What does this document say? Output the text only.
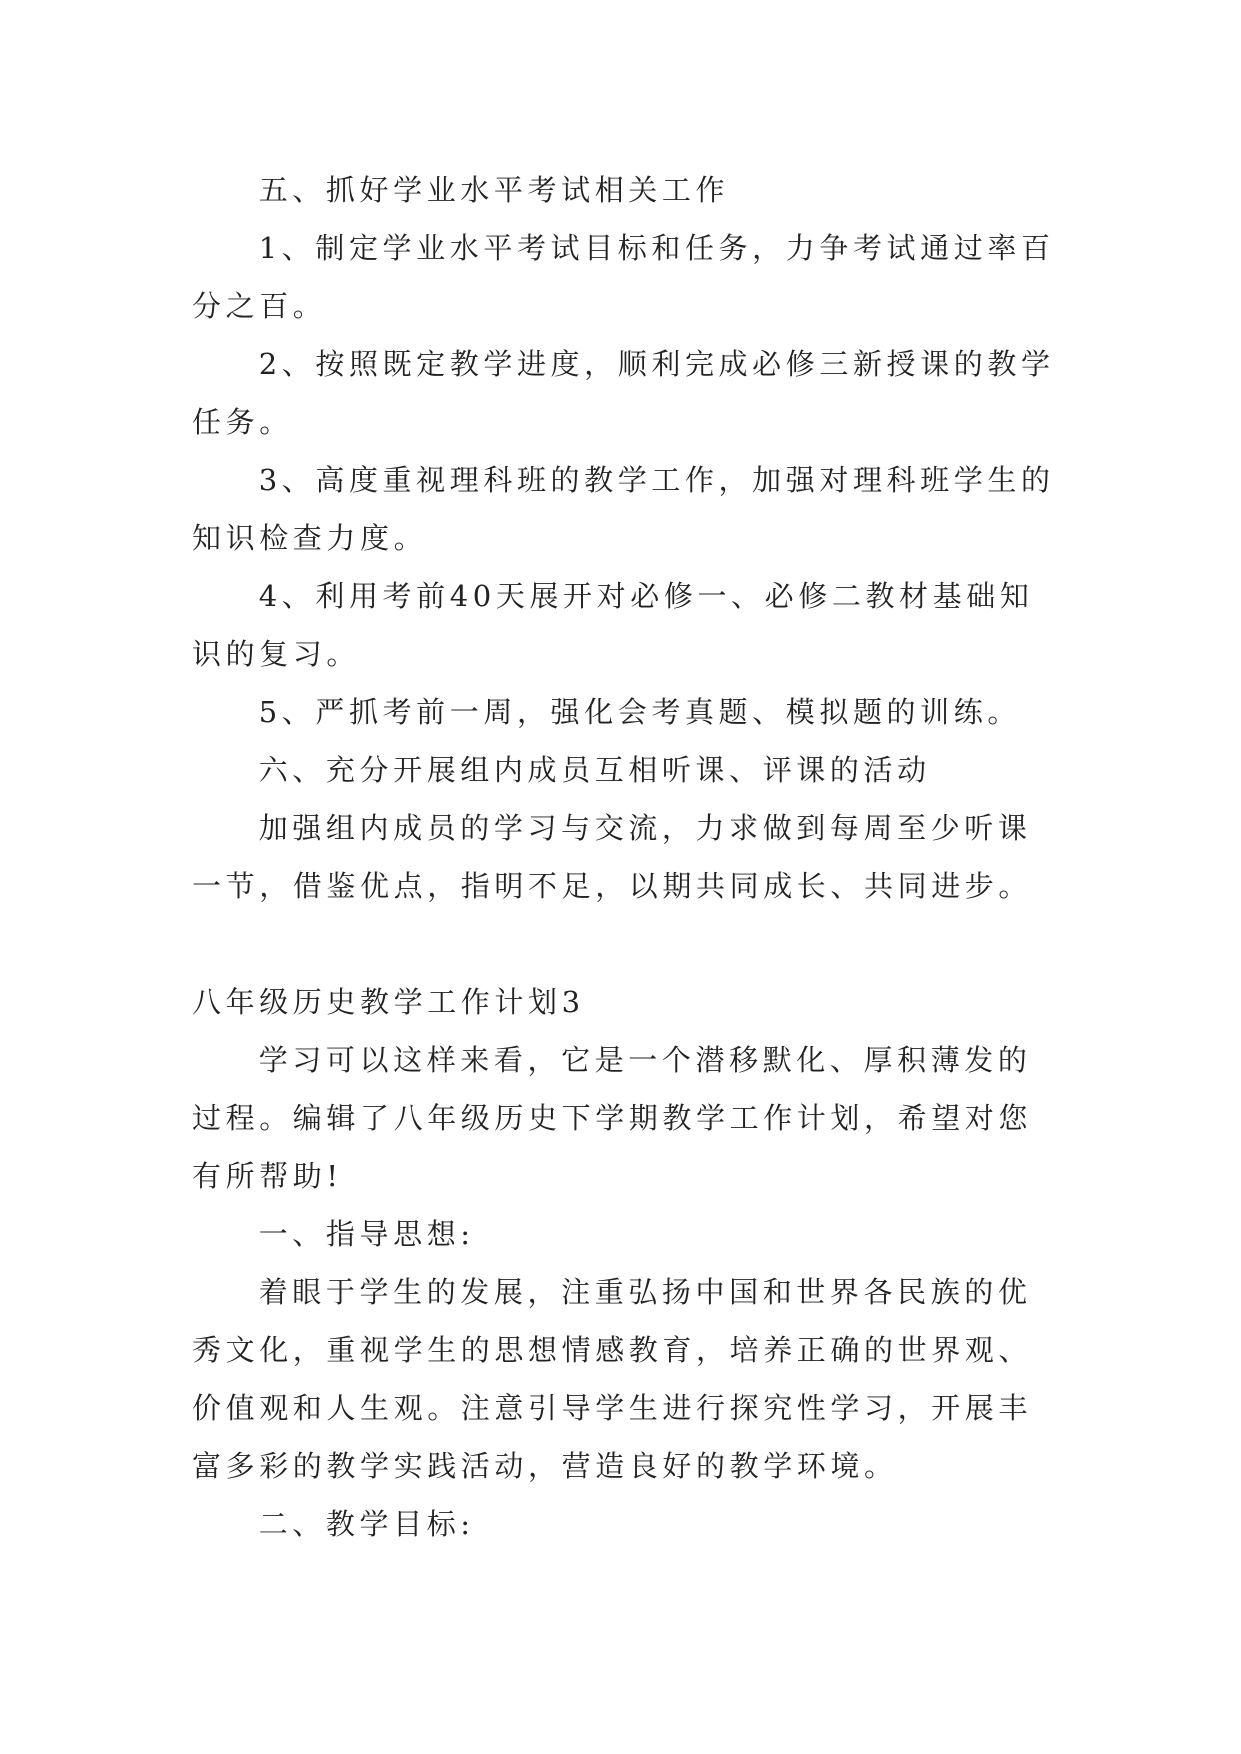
五、抓好学业水平考试相关工作

1、制定学业水平考试目标和任务，力争考试通过率百分之百。

2、按照既定教学进度，顺利完成必修三新授课的教学任务。

3、高度重视理科班的教学工作，加强对理科班学生的知识检查力度。

4、利用考前40天展开对必修一、必修二教材基础知识的复习。

5、严抓考前一周，强化会考真题、模拟题的训练。

六、充分开展组内成员互相听课、评课的活动

加强组内成员的学习与交流，力求做到每周至少听课一节，借鉴优点，指明不足，以期共同成长、共同进步。

八年级历史教学工作计划3

学习可以这样来看，它是一个潜移默化、厚积薄发的过程。编辑了八年级历史下学期教学工作计划，希望对您有所帮助!

一、指导思想:

着眼于学生的发展，注重弘扬中国和世界各民族的优秀文化，重视学生的思想情感教育，培养正确的世界观、价值观和人生观。注意引导学生进行探究性学习，开展丰富多彩的教学实践活动，营造良好的教学环境。

二、教学目标:
